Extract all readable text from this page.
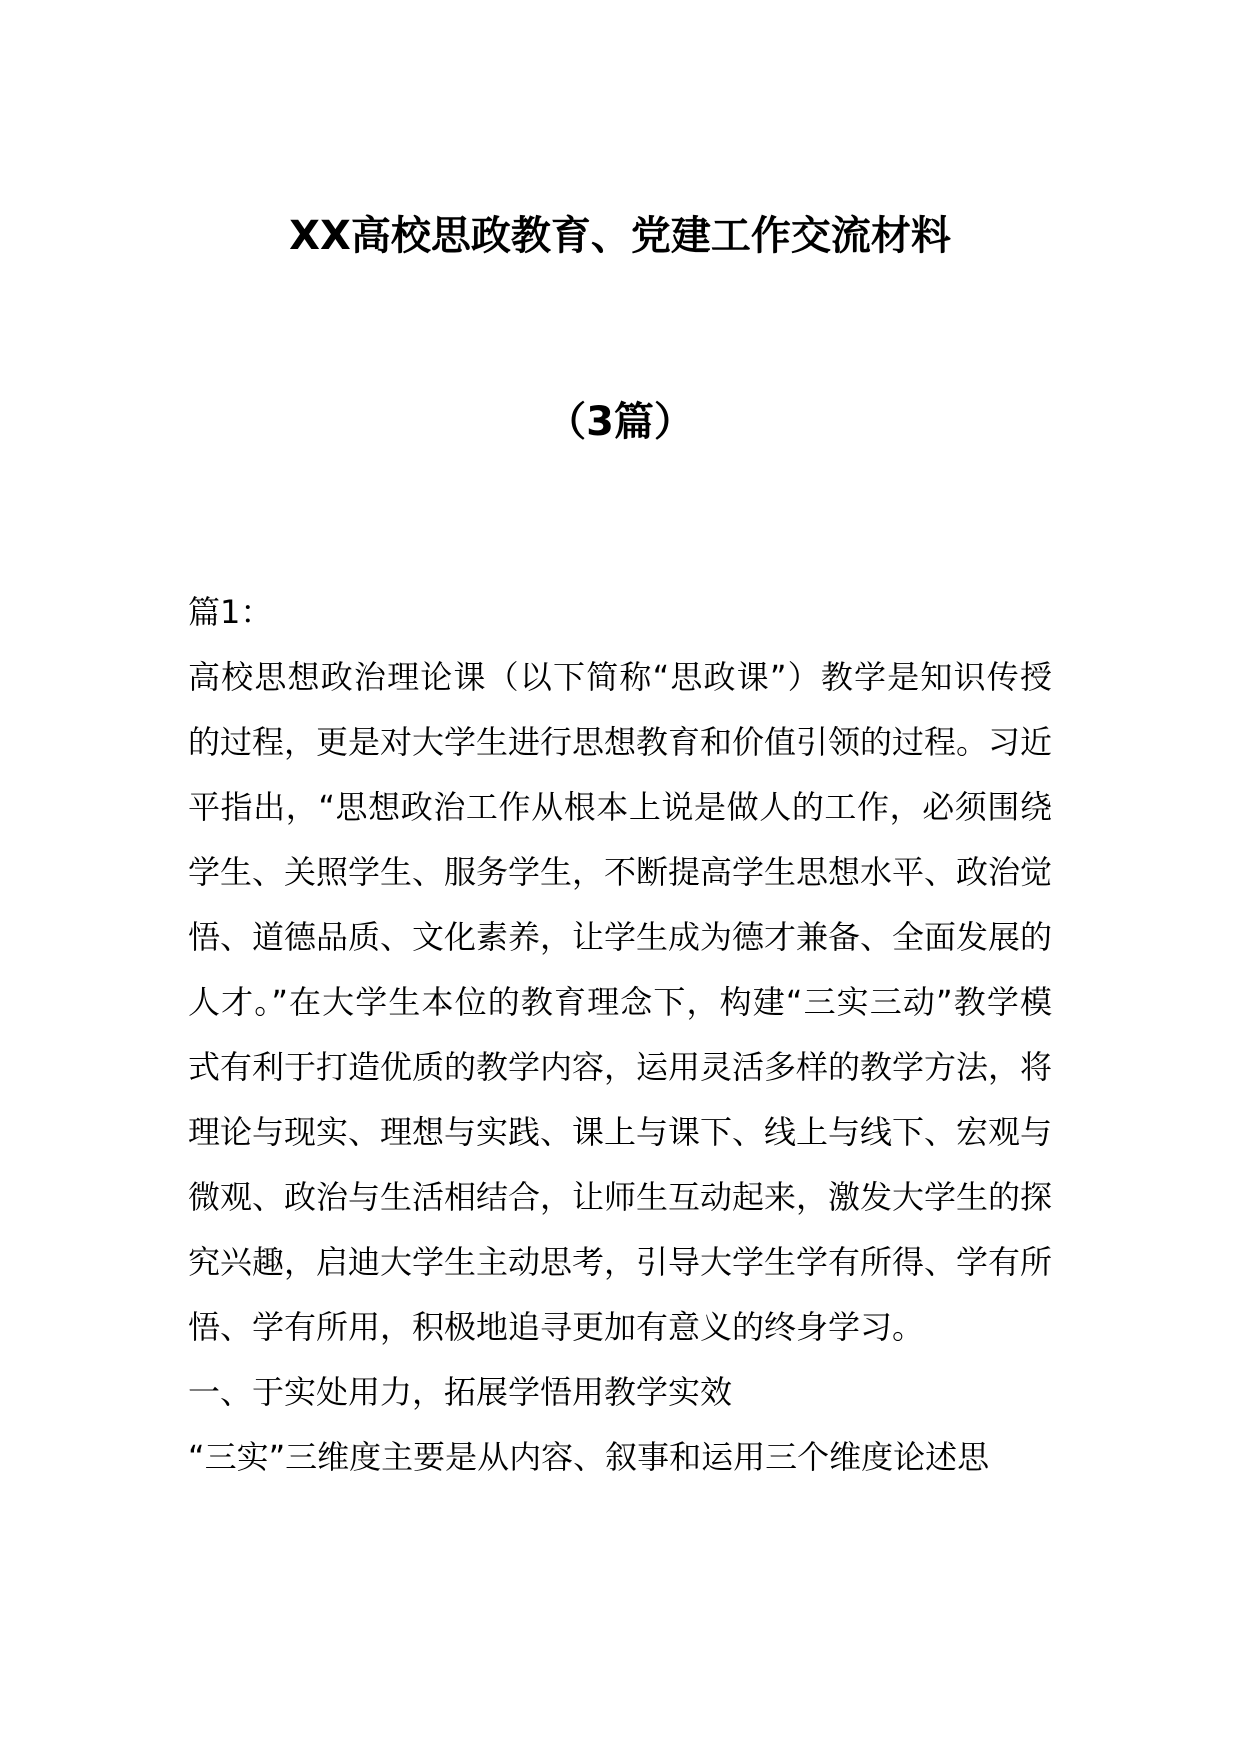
XX高校思政教育、党建工作交流材料
（3篇）

篇1：

高校思想政治理论课（以下简称“思政课”）教学是知识传授的过程，更是对大学生进行思想教育和价值引领的过程。习近平指出，“思想政治工作从根本上说是做人的工作，必须围绕学生、关照学生、服务学生，不断提高学生思想水平、政治觉悟、道德品质、文化素养，让学生成为德才兼备、全面发展的人才。”在大学生本位的教育理念下，构建“三实三动”教学模式有利于打造优质的教学内容，运用灵活多样的教学方法，将理论与现实、理想与实践、课上与课下、线上与线下、宏观与微观、政治与生活相结合，让师生互动起来，激发大学生的探究兴趣，启迪大学生主动思考，引导大学生学有所得、学有所悟、学有所用，积极地追寻更加有意义的终身学习。

一、于实处用力，拓展学悟用教学实效

“三实”三维度主要是从内容、叙事和运用三个维度论述思
